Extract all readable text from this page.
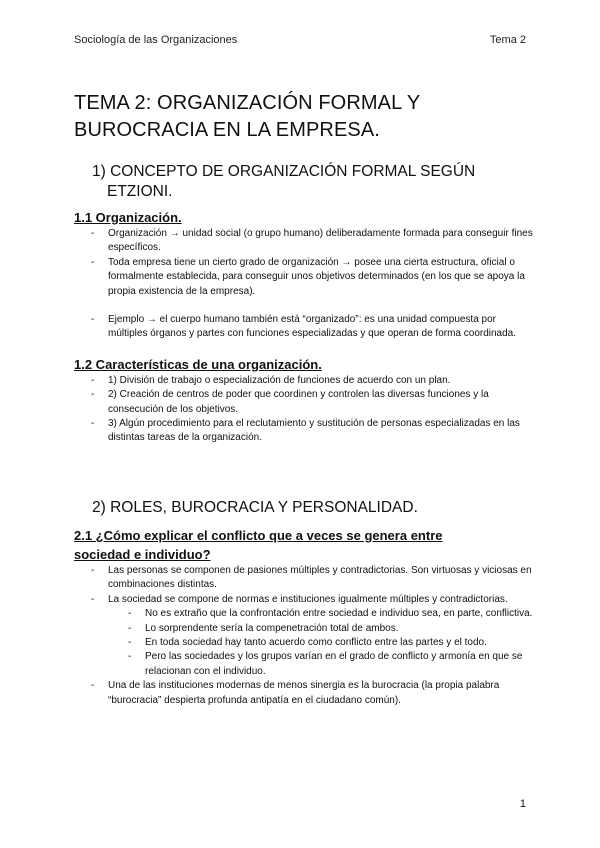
Sociología de las Organizaciones	Tema 2
TEMA 2: ORGANIZACIÓN FORMAL Y
BUROCRACIA EN LA EMPRESA.
1) CONCEPTO DE ORGANIZACIÓN FORMAL SEGÚN
ETZIONI.
1.1 Organización.
- Organización → unidad social (o grupo humano) deliberadamente formada para conseguir fines específicos.
- Toda empresa tiene un cierto grado de organización → posee una cierta estructura, oficial o formalmente establecida, para conseguir unos objetivos determinados (en los que se apoya la propia existencia de la empresa).
- Ejemplo → el cuerpo humano también está “organizado”: es una unidad compuesta por múltiples órganos y partes con funciones especializadas y que operan de forma coordinada.
1.2 Características de una organización.
- 1) División de trabajo o especialización de funciones de acuerdo con un plan.
- 2) Creación de centros de poder que coordinen y controlen las diversas funciones y la consecución de los objetivos.
- 3) Algún procedimiento para el reclutamiento y sustitución de personas especializadas en las distintas tareas de la organización.
2) ROLES, BUROCRACIA Y PERSONALIDAD.
2.1 ¿Cómo explicar el conflicto que a veces se genera entre
sociedad e individuo?
- Las personas se componen de pasiones múltiples y contradictorias. Son virtuosas y viciosas en combinaciones distintas.
- La sociedad se compone de normas e instituciones igualmente múltiples y contradictorias.
- No es extraño que la confrontación entre sociedad e individuo sea, en parte, conflictiva.
- Lo sorprendente sería la compenetración total de ambos.
- En toda sociedad hay tanto acuerdo como conflicto entre las partes y el todo.
- Pero las sociedades y los grupos varían en el grado de conflicto y armonía en que se relacionan con el individuo.
- Una de las instituciones modernas de menos sinergia es la burocracia (la propia palabra “burocracia” despierta profunda antipatía en el ciudadano común).
1
